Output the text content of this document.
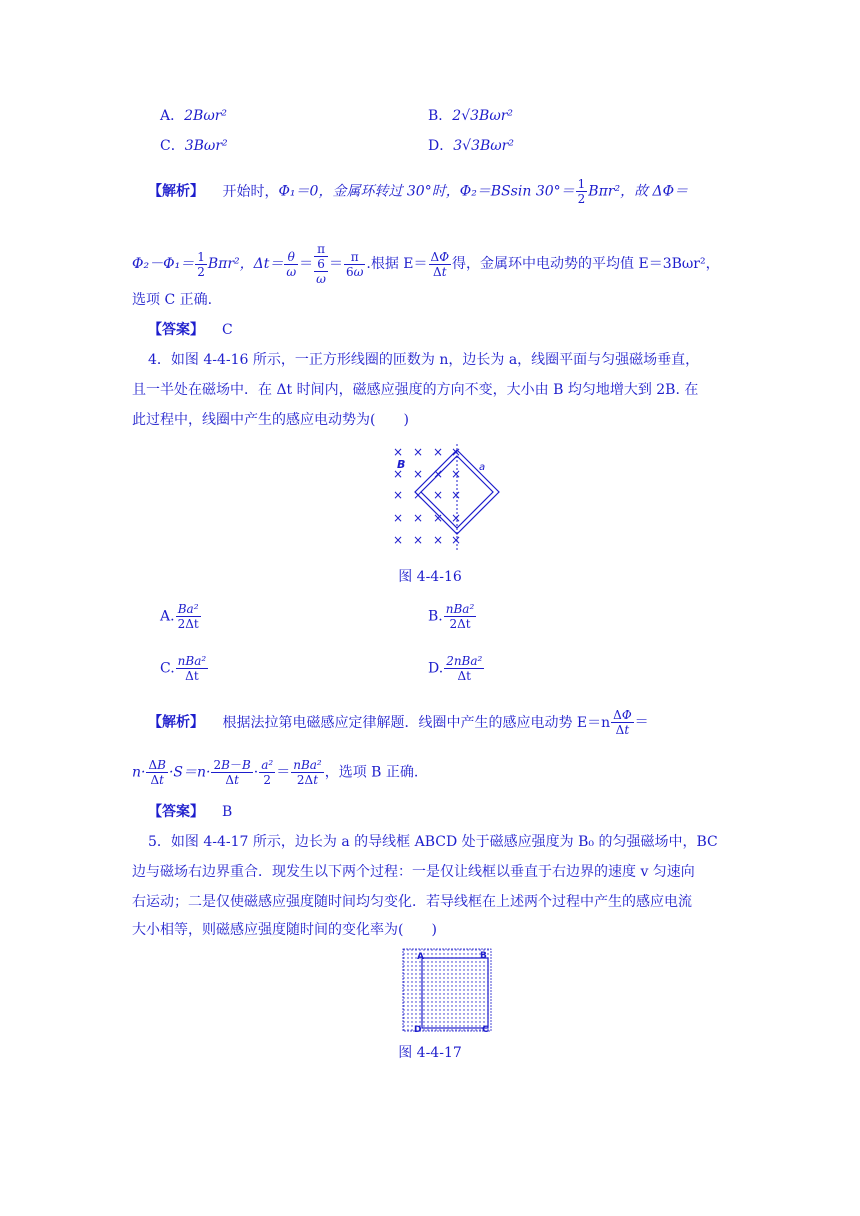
A．2Bωr²	B．2√3Bωr²
C．3Bωr²	D．3√3Bωr²
【解析】 开始时，Φ₁＝0，金属环转过 30°时，Φ₂＝BSsin $30^\circ= \frac{1}{2} B\pi r^2$，故 ΔΦ＝
$\Phi_2-\Phi_1= \frac{1}{2} B\pi r^2$，$\Delta t= \frac{\theta}{\omega}$ ＝
π
6
ω
＝ $\frac{\pi}{6\omega}$ .根据 $E= \frac{\Delta\Phi}{\Delta t}$ 得，金属环中电动势的平均值 E＝3Bωr²，
选项 C 正确.
【答案】 C
4．如图 4-4-16 所示，一正方形线圈的匝数为 n，边长为 a，线圈平面与匀强磁场垂直，
且一半处在磁场中．在 Δt 时间内，磁感应强度的方向不变，大小由 B 均匀地增大到 2B. 在
此过程中，线圈中产生的感应电动势为(　　)
× × × ×
× × × ×
× × × ×
× × × ×
× × × ×
B	a
图 4-4-16
A. $\frac{\text{Ba²}}{2\Delta t}$	B. $\frac{\text{nBa²}}{2\Delta t}$
C. $\frac{\text{nBa²}}{\Delta t}$	D. $\frac{\text{2nBa²}}{\Delta t}$
【解析】 根据法拉第电磁感应定律解题．线圈中产生的感应电动势 $E=n \frac{\Delta\Phi}{\Delta t}$ ＝
$n\cdot \frac{\Delta B}{\Delta t} \cdot S=n\cdot \frac{2B-B}{\Delta t} \cdot \frac{\text{a²}}{2} = \frac{\text{nBa²}}{2\Delta t}$ ，选项 B 正确.
【答案】 B
5．如图 4-4-17 所示，边长为 a 的导线框 ABCD 处于磁感应强度为 B₀ 的匀强磁场中，BC
边与磁场右边界重合．现发生以下两个过程：一是仅让线框以垂直于右边界的速度 v 匀速向
右运动；二是仅使磁感应强度随时间均匀变化．若导线框在上述两个过程中产生的感应电流
大小相等，则磁感应强度随时间的变化率为(　　)
A	B
D	C
图 4-4-17
